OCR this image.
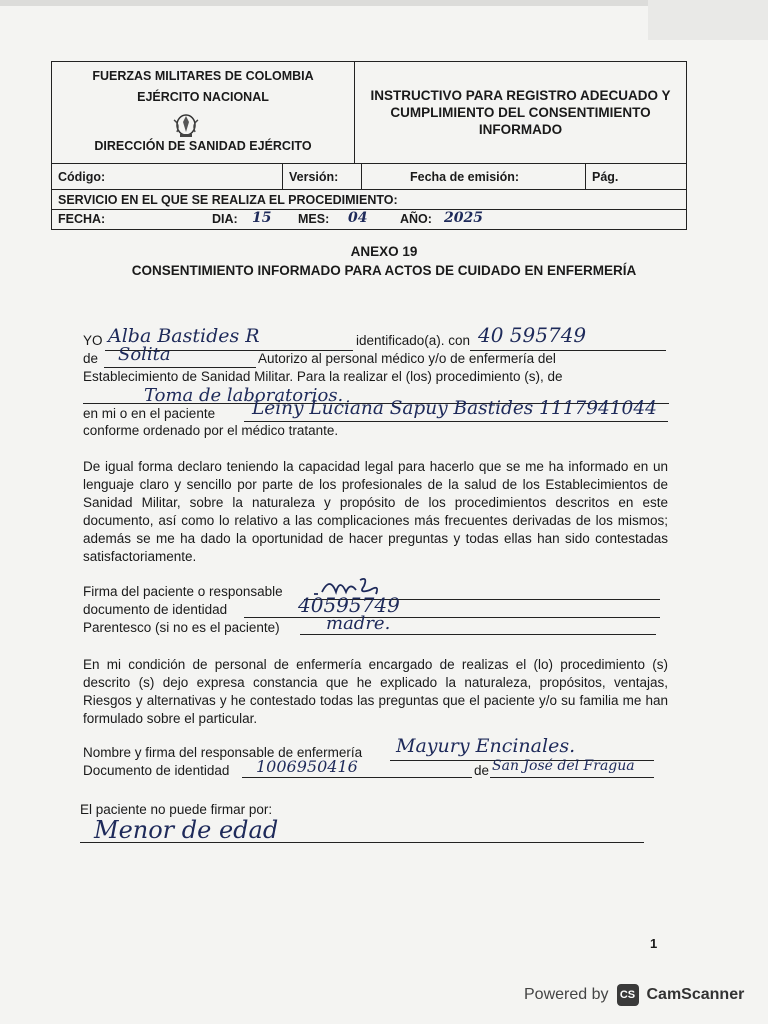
FUERZAS MILITARES DE COLOMBIA
EJÉRCITO NACIONAL
DIRECCIÓN DE SANIDAD EJÉRCITO
INSTRUCTIVO PARA REGISTRO ADECUADO Y CUMPLIMIENTO DEL CONSENTIMIENTO INFORMADO
Código:	Versión:	Fecha de emisión:	Pág.
SERVICIO EN EL QUE SE REALIZA EL PROCEDIMIENTO:
FECHA:	DIA: 15 MES: 04	AÑO: 2025
ANEXO 19
CONSENTIMIENTO INFORMADO PARA ACTOS DE CUIDADO EN ENFERMERÍA
YO Alba Bastides R	identificado(a). con 40 595749
de Solita	Autorizo al personal médico y/o de enfermería del
Establecimiento de Sanidad Militar. Para la realizar el (los) procedimiento (s), de
Toma de laboratorios.
en mi o en el paciente Leiny Luciana Sapuy Bastides 1117941044
conforme ordenado por el médico tratante.
De igual forma declaro teniendo la capacidad legal para hacerlo que se me ha informado en un lenguaje claro y sencillo por parte de los profesionales de la salud de los Establecimientos de Sanidad Militar, sobre la naturaleza y propósito de los procedimientos descritos en este documento, así como lo relativo a las complicaciones más frecuentes derivadas de los mismos; además se me ha dado la oportunidad de hacer preguntas y todas ellas han sido contestadas satisfactoriamente.
Firma del paciente o responsable
documento de identidad	40595749
Parentesco (si no es el paciente)	madre.
En mi condición de personal de enfermería encargado de realizas el (lo) procedimiento (s) descrito (s) dejo expresa constancia que he explicado la naturaleza, propósitos, ventajas, Riesgos y alternativas y he contestado todas las preguntas que el paciente y/o su familia me han formulado sobre el particular.
Nombre y firma del responsable de enfermería Mayury Encinales.
Documento de identidad 1006950416	de San José del Fragua
El paciente no puede firmar por:
Menor de edad
1
Powered by	CS CamScanner
